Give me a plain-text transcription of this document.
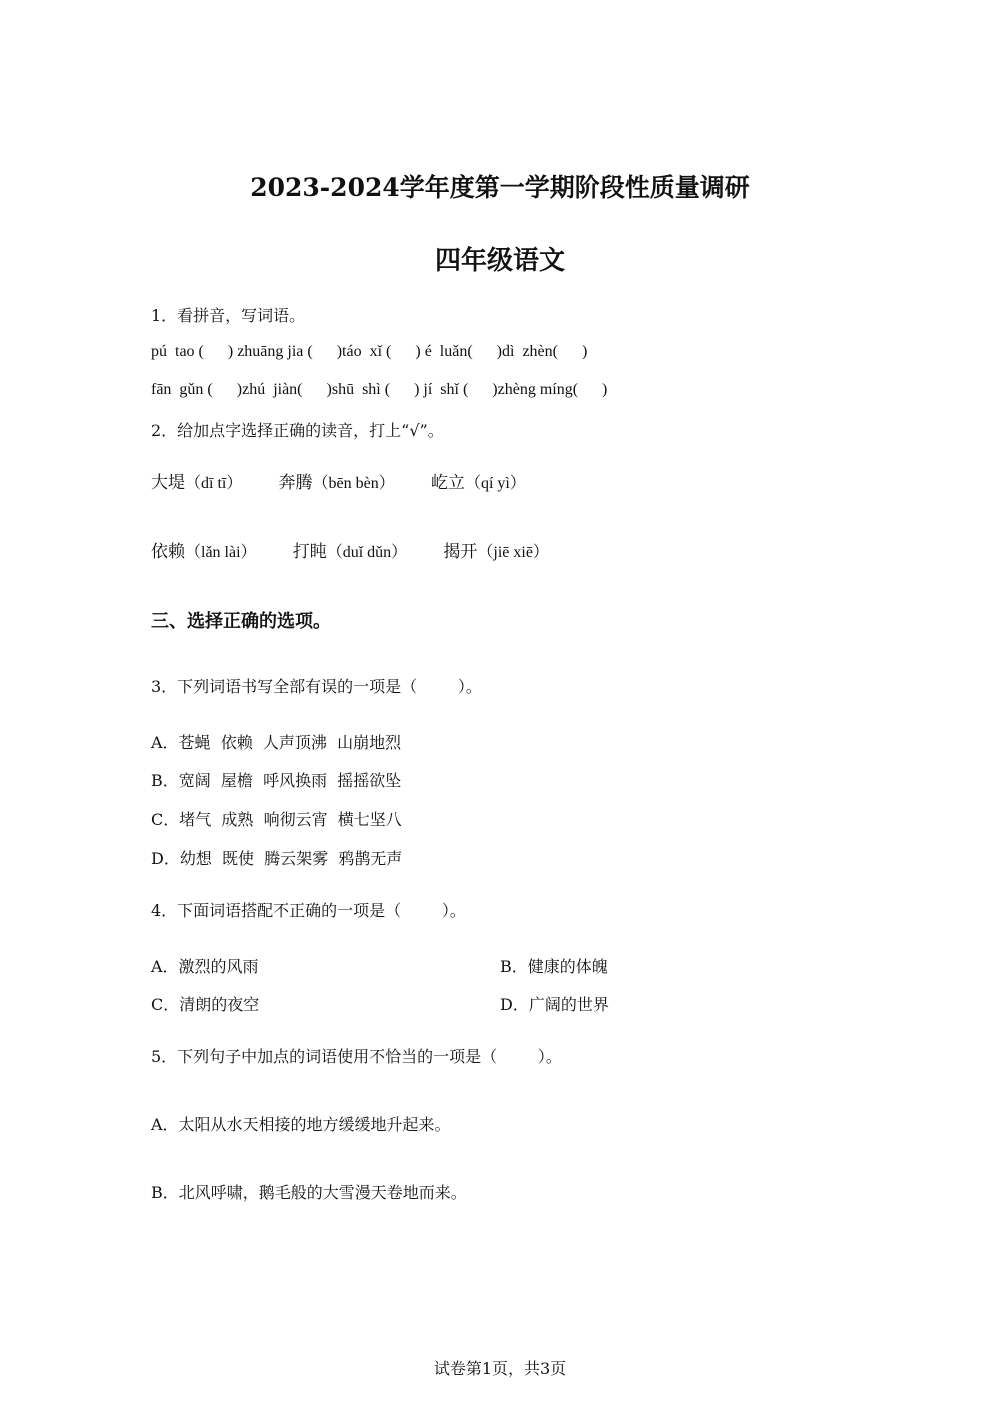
2023-2024学年度第一学期阶段性质量调研
四年级语文
1．看拼音，写词语。
pú  tao (      ) zhuāng jia (      )táo  xǐ (      ) é  luǎn(      )dì  zhèn(      )
fān  gǔn (      )zhú  jiàn(      )shū  shì (      ) jí  shǐ (      )zhèng míng(      )
2．给加点字选择正确的读音，打上“√”。
大堤（dī tī） 奔腾（bēn bèn） 屹立（qí yì）
依赖（lǎn lài） 打盹（duǐ dǔn） 揭开（jiē xiē）
三、选择正确的选项。
3．下列词语书写全部有误的一项是（        ）。
A．苍蝇  依赖  人声顶沸  山崩地烈
B．宽阔  屋檐  呼风换雨  摇摇欲坠
C．堵气  成熟  响彻云宵  横七坚八
D．幼想  既使  腾云架雾  鸦鹊无声
4．下面词语搭配不正确的一项是（        ）。
A．激烈的风雨	B．健康的体魄
C．清朗的夜空	D．广阔的世界
5．下列句子中加点的词语使用不恰当的一项是（        ）。
A．太阳从水天相接的地方缓缓地升起来。
B．北风呼啸，鹅毛般的大雪漫天卷地而来。
试卷第1页，共3页
